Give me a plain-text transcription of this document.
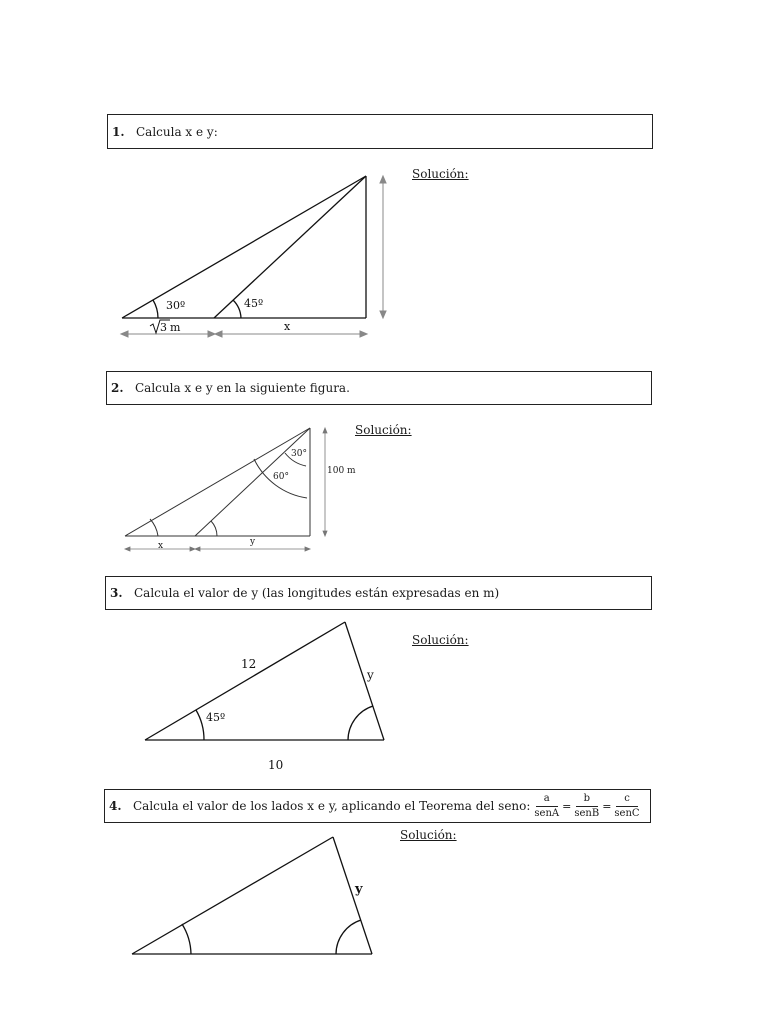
1. Calcula x e y:
Solución:
30º	45º
x
3 m
2. Calcula x e y en la siguiente figura.
Solución:
30°
60°
100 m
x	y
3. Calcula el valor de y (las longitudes están expresadas en m)
Solución:
12
y
45º
10
4. Calcula el valor de los lados x e y, aplicando el Teorema del seno: $\frac{a}{\text{senA}} = \frac{b}{\text{senB}} = \frac{c}{\text{senC}}$
Solución:
y
